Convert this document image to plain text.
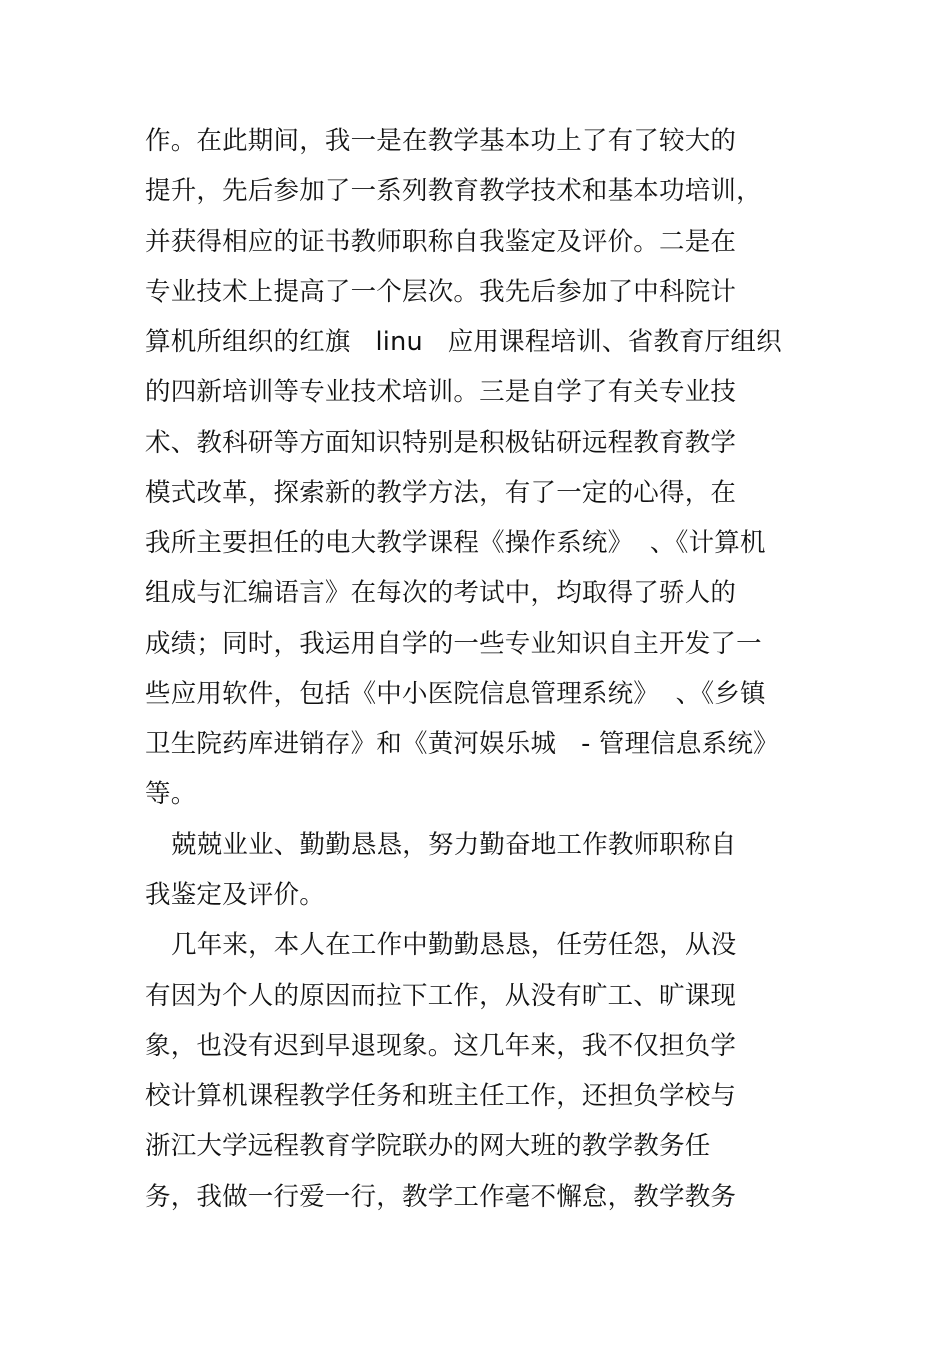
作。在此期间，我一是在教学基本功上了有了较大的
提升，先后参加了一系列教育教学技术和基本功培训，
并获得相应的证书教师职称自我鉴定及评价。二是在
专业技术上提高了一个层次。我先后参加了中科院计
算机所组织的红旗   linu   应用课程培训、省教育厅组织
的四新培训等专业技术培训。三是自学了有关专业技
术、教科研等方面知识特别是积极钻研远程教育教学
模式改革，探索新的教学方法，有了一定的心得，在
我所主要担任的电大教学课程《操作系统》  、《计算机
组成与汇编语言》在每次的考试中，均取得了骄人的
成绩；同时，我运用自学的一些专业知识自主开发了一
些应用软件，包括《中小医院信息管理系统》  、《乡镇
卫生院药库进销存》和《黄河娱乐城   - 管理信息系统》
等。
兢兢业业、勤勤恳恳，努力勤奋地工作教师职称自
我鉴定及评价。
几年来，本人在工作中勤勤恳恳，任劳任怨，从没
有因为个人的原因而拉下工作，从没有旷工、旷课现
象，也没有迟到早退现象。这几年来，我不仅担负学
校计算机课程教学任务和班主任工作，还担负学校与
浙江大学远程教育学院联办的网大班的教学教务任
务，我做一行爱一行，教学工作毫不懈怠，教学教务
